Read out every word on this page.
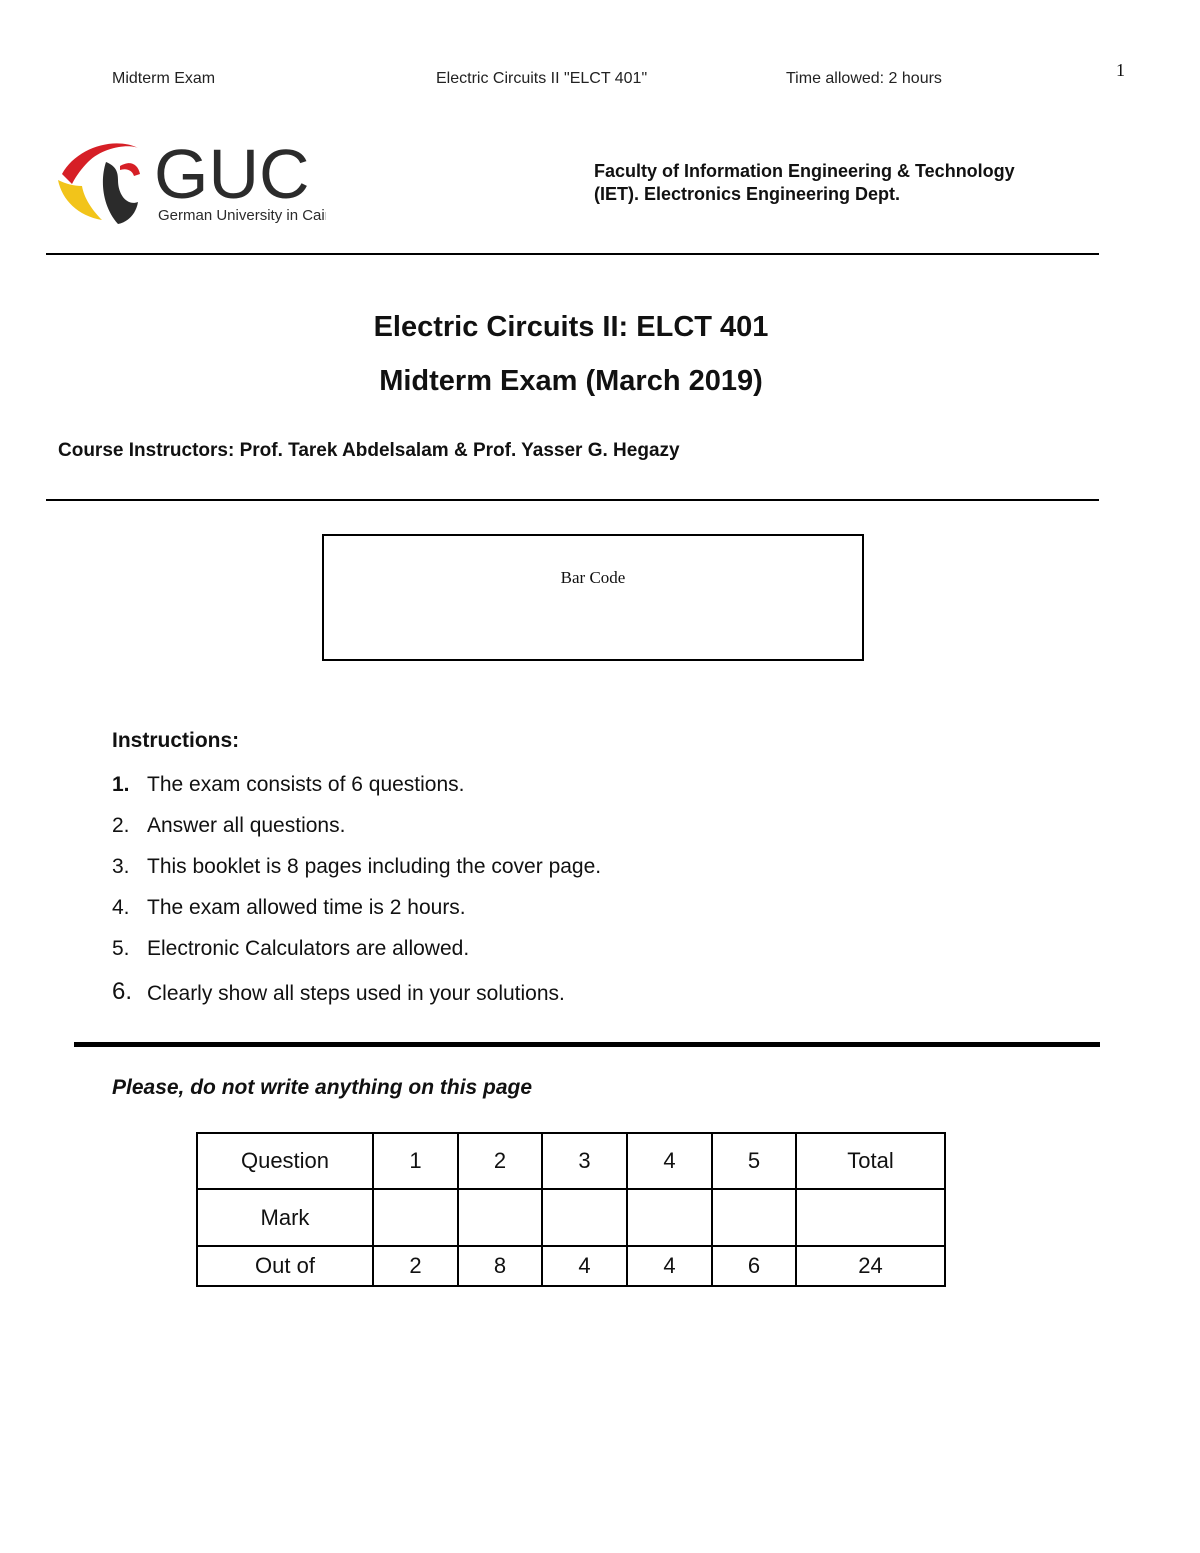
Midterm Exam	Electric Circuits II "ELCT 401"	Time allowed: 2 hours	1
GUC
German University in Cairo
Faculty of Information Engineering & Technology
(IET). Electronics Engineering Dept.
Electric Circuits II: ELCT 401
Midterm Exam (March 2019)
Course Instructors: Prof. Tarek Abdelsalam & Prof. Yasser G. Hegazy
Bar Code
Instructions:
1. The exam consists of 6 questions.
2. Answer all questions.
3. This booklet is 8 pages including the cover page.
4. The exam allowed time is 2 hours.
5. Electronic Calculators are allowed.
6. Clearly show all steps used in your solutions.
Please, do not write anything on this page
Question	1	2	3	4	5	Total
Mark						
Out of	2	8	4	4	6	24
